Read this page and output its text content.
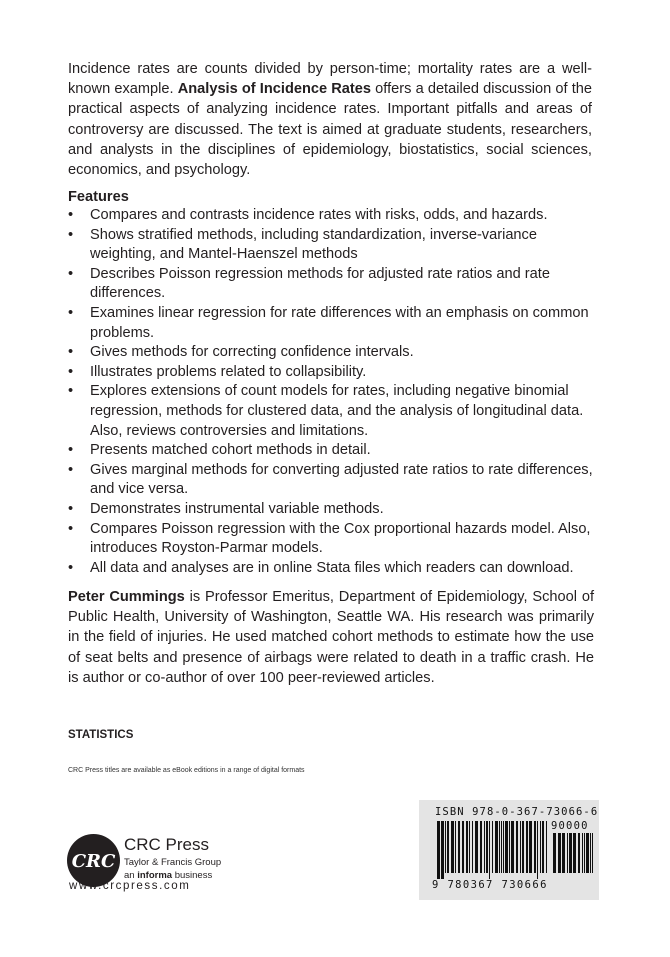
Incidence rates are counts divided by person-time; mortality rates are a well-known example. Analysis of Incidence Rates offers a detailed discussion of the practical aspects of analyzing incidence rates. Important pitfalls and areas of controversy are discussed. The text is aimed at graduate students, researchers, and analysts in the disciplines of epidemiology, biostatistics, social sciences, economics, and psychology.

Features

• Compares and contrasts incidence rates with risks, odds, and hazards.
• Shows stratified methods, including standardization, inverse-variance weighting, and Mantel-Haenszel methods
• Describes Poisson regression methods for adjusted rate ratios and rate differences.
• Examines linear regression for rate differences with an emphasis on common problems.
• Gives methods for correcting confidence intervals.
• Illustrates problems related to collapsibility.
• Explores extensions of count models for rates, including negative binomial regression, methods for clustered data, and the analysis of longitudinal data. Also, reviews controversies and limitations.
• Presents matched cohort methods in detail.
• Gives marginal methods for converting adjusted rate ratios to rate differences, and vice versa.
• Demonstrates instrumental variable methods.
• Compares Poisson regression with the Cox proportional hazards model. Also, introduces Royston-Parmar models.
• All data and analyses are in online Stata files which readers can download.

Peter Cummings is Professor Emeritus, Department of Epidemiology, School of Public Health, University of Washington, Seattle WA. His research was primarily in the field of injuries. He used matched cohort methods to estimate how the use of seat belts and presence of airbags were related to death in a traffic crash. He is author or co-author of over 100 peer-reviewed articles.

STATISTICS

CRC Press titles are available as eBook editions in a range of digital formats

CRC

CRC Press

Taylor & Francis Group

an informa business

www.crcpress.com

ISBN 978-0-367-73066-6

90000

9 780367 730666
